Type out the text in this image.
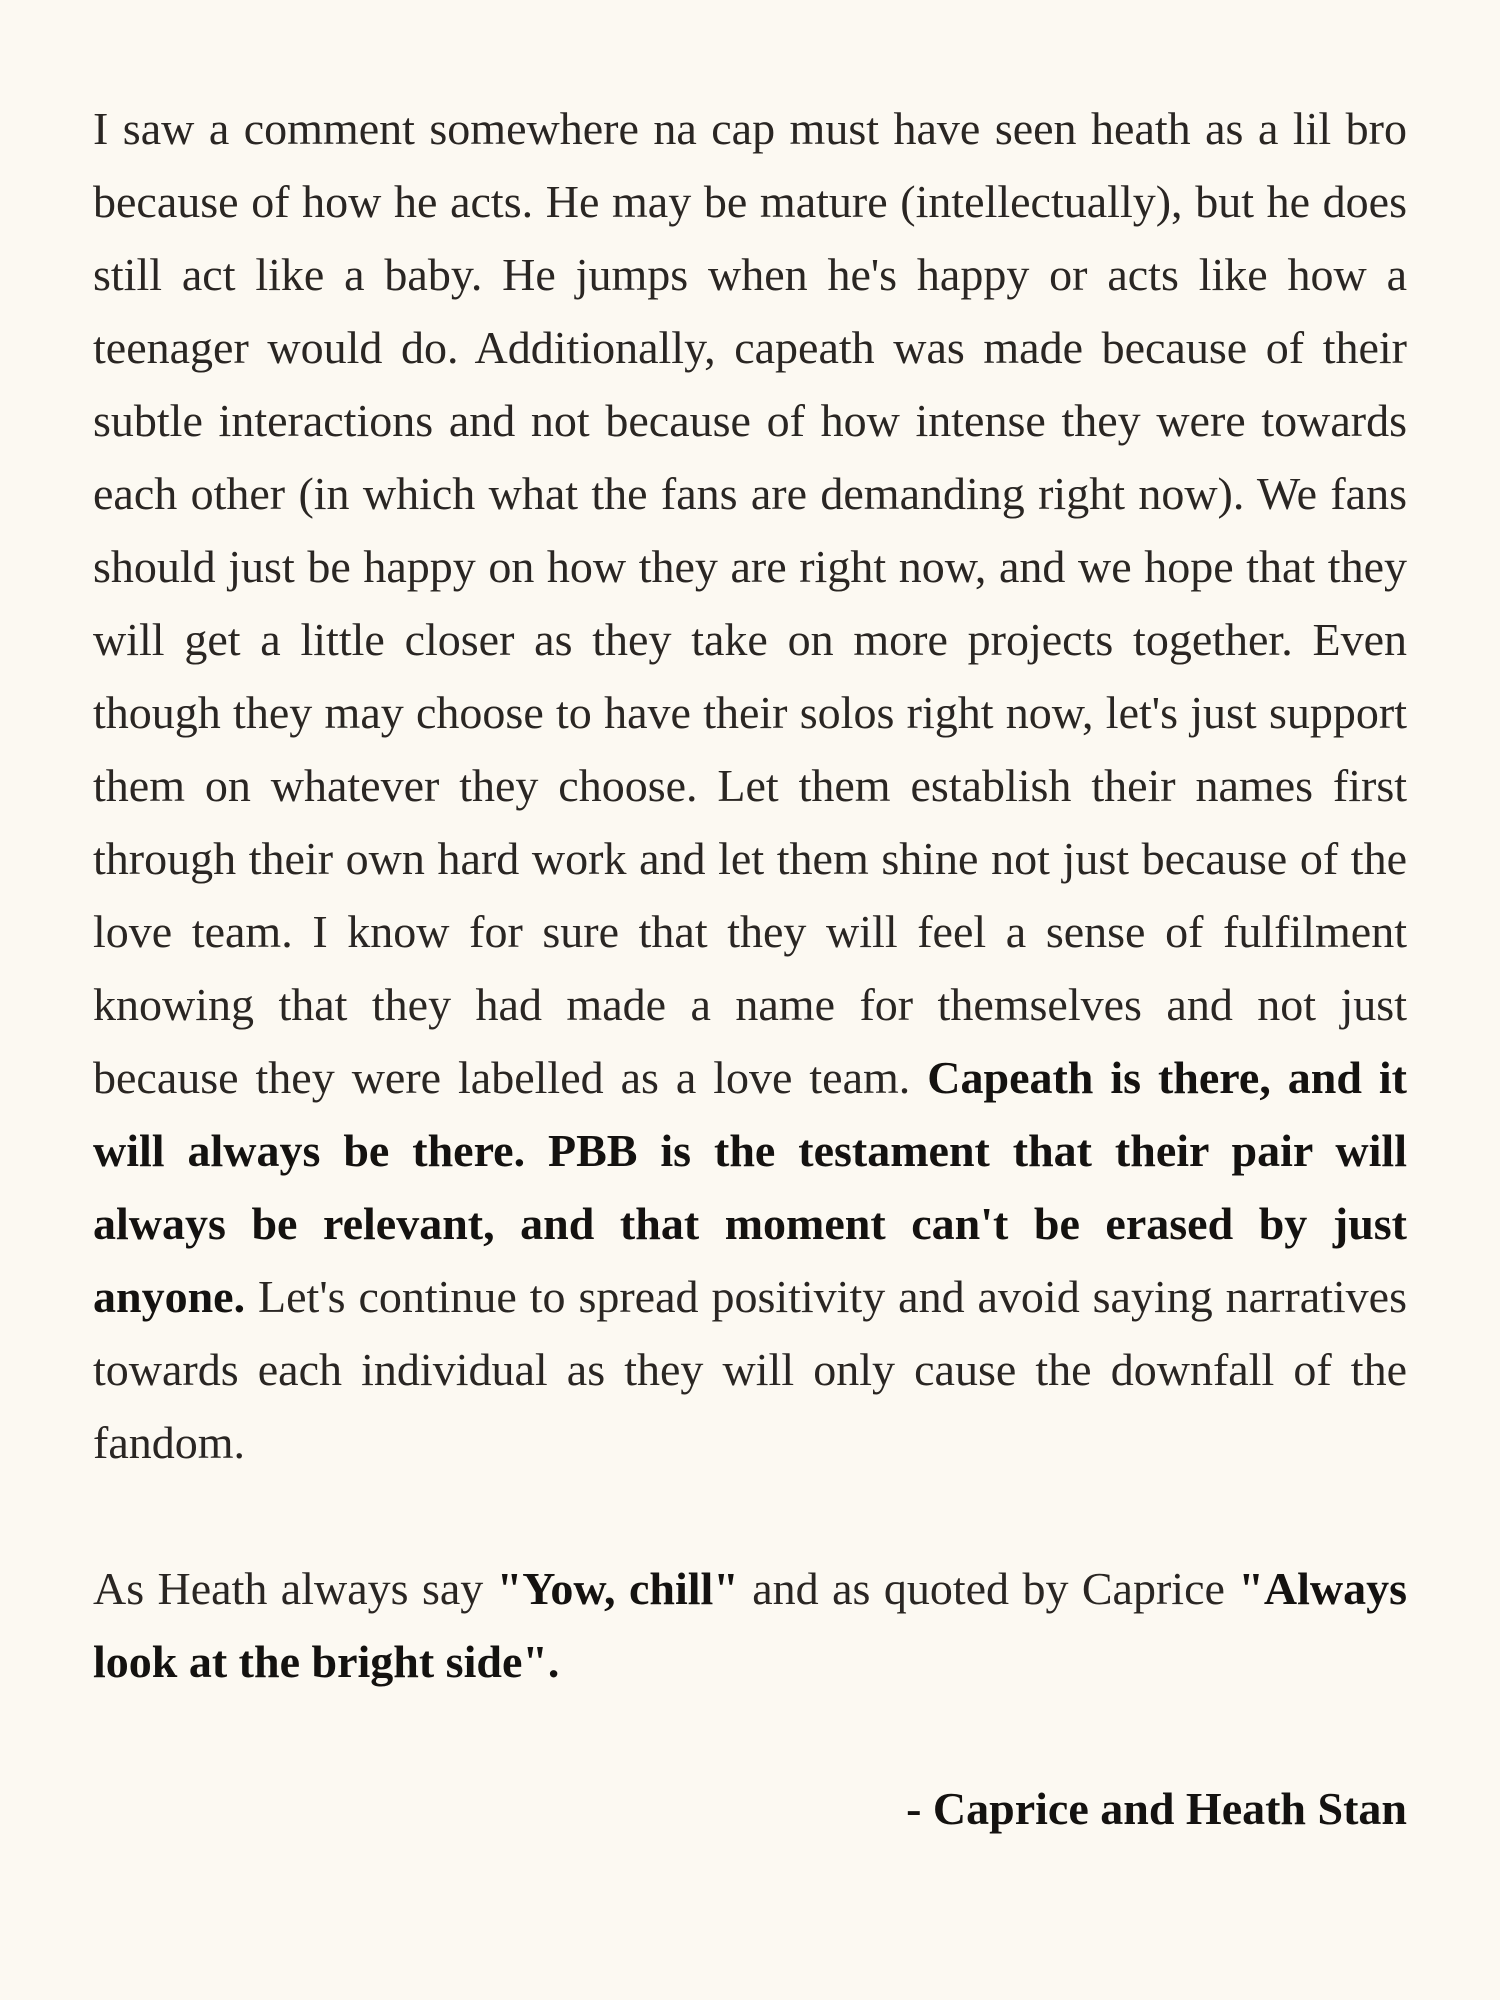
I saw a comment somewhere na cap must have seen heath as a lil bro because of how he acts. He may be mature (intellectually), but he does still act like a baby. He jumps when he's happy or acts like how a teenager would do. Additionally, capeath was made because of their subtle interactions and not because of how intense they were towards each other (in which what the fans are demanding right now). We fans should just be happy on how they are right now, and we hope that they will get a little closer as they take on more projects together. Even though they may choose to have their solos right now, let's just support them on whatever they choose. Let them establish their names first through their own hard work and let them shine not just because of the love team. I know for sure that they will feel a sense of fulfilment knowing that they had made a name for themselves and not just because they were labelled as a love team. Capeath is there, and it will always be there. PBB is the testament that their pair will always be relevant, and that moment can't be erased by just anyone. Let's continue to spread positivity and avoid saying narratives towards each individual as they will only cause the downfall of the fandom.

As Heath always say "Yow, chill" and as quoted by Caprice "Always look at the bright side".

- Caprice and Heath Stan
